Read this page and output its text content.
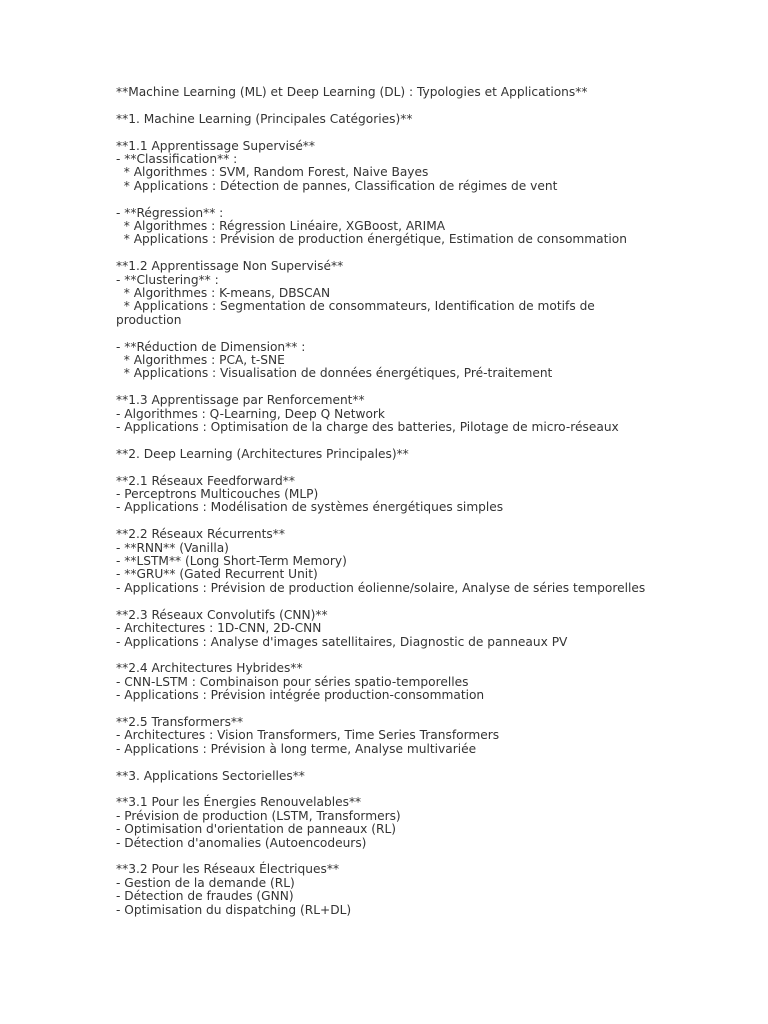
**Machine Learning (ML) et Deep Learning (DL) : Typologies et Applications**
**1. Machine Learning (Principales Catégories)**
**1.1 Apprentissage Supervisé**
- **Classification** :
* Algorithmes : SVM, Random Forest, Naive Bayes
* Applications : Détection de pannes, Classification de régimes de vent
- **Régression** :
* Algorithmes : Régression Linéaire, XGBoost, ARIMA
* Applications : Prévision de production énergétique, Estimation de consommation
**1.2 Apprentissage Non Supervisé**
- **Clustering** :
* Algorithmes : K-means, DBSCAN
* Applications : Segmentation de consommateurs, Identification de motifs de production
- **Réduction de Dimension** :
* Algorithmes : PCA, t-SNE
* Applications : Visualisation de données énergétiques, Pré-traitement
**1.3 Apprentissage par Renforcement**
- Algorithmes : Q-Learning, Deep Q Network
- Applications : Optimisation de la charge des batteries, Pilotage de micro-réseaux
**2. Deep Learning (Architectures Principales)**
**2.1 Réseaux Feedforward**
- Perceptrons Multicouches (MLP)
- Applications : Modélisation de systèmes énergétiques simples
**2.2 Réseaux Récurrents**
- **RNN** (Vanilla)
- **LSTM** (Long Short-Term Memory)
- **GRU** (Gated Recurrent Unit)
- Applications : Prévision de production éolienne/solaire, Analyse de séries temporelles
**2.3 Réseaux Convolutifs (CNN)**
- Architectures : 1D-CNN, 2D-CNN
- Applications : Analyse d'images satellitaires, Diagnostic de panneaux PV
**2.4 Architectures Hybrides**
- CNN-LSTM : Combinaison pour séries spatio-temporelles
- Applications : Prévision intégrée production-consommation
**2.5 Transformers**
- Architectures : Vision Transformers, Time Series Transformers
- Applications : Prévision à long terme, Analyse multivariée
**3. Applications Sectorielles**
**3.1 Pour les Énergies Renouvelables**
- Prévision de production (LSTM, Transformers)
- Optimisation d'orientation de panneaux (RL)
- Détection d'anomalies (Autoencodeurs)
**3.2 Pour les Réseaux Électriques**
- Gestion de la demande (RL)
- Détection de fraudes (GNN)
- Optimisation du dispatching (RL+DL)
